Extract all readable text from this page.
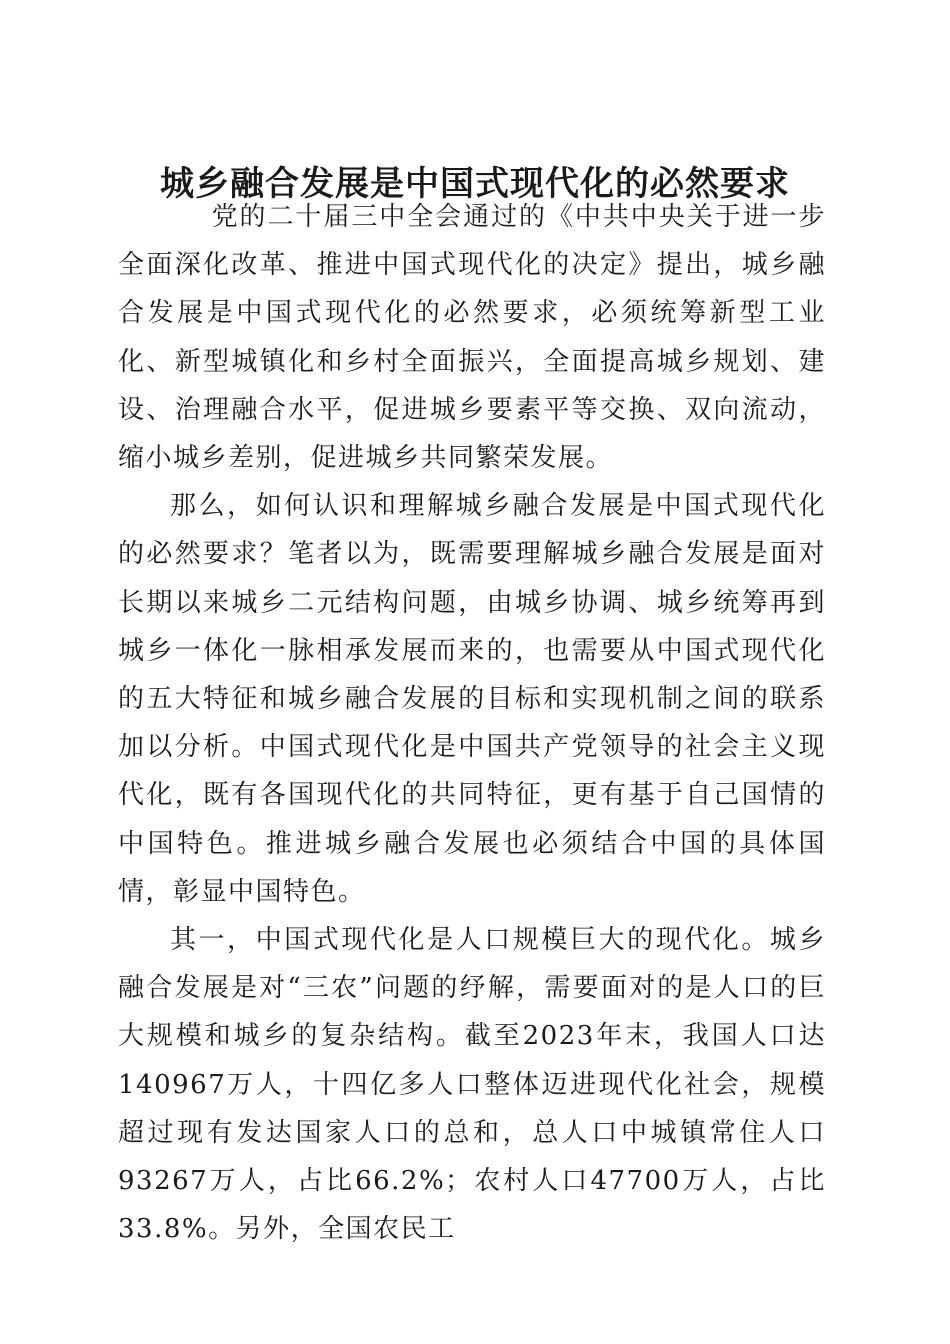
城乡融合发展是中国式现代化的必然要求

党的二十届三中全会通过的《中共中央关于进一步全面深化改革、推进中国式现代化的决定》提出，城乡融合发展是中国式现代化的必然要求，必须统筹新型工业化、新型城镇化和乡村全面振兴，全面提高城乡规划、建设、治理融合水平，促进城乡要素平等交换、双向流动，缩小城乡差别，促进城乡共同繁荣发展。

那么，如何认识和理解城乡融合发展是中国式现代化的必然要求？笔者以为，既需要理解城乡融合发展是面对长期以来城乡二元结构问题，由城乡协调、城乡统筹再到城乡一体化一脉相承发展而来的，也需要从中国式现代化的五大特征和城乡融合发展的目标和实现机制之间的联系加以分析。中国式现代化是中国共产党领导的社会主义现代化，既有各国现代化的共同特征，更有基于自己国情的中国特色。推进城乡融合发展也必须结合中国的具体国情，彰显中国特色。

其一，中国式现代化是人口规模巨大的现代化。城乡融合发展是对“三农”问题的纾解，需要面对的是人口的巨大规模和城乡的复杂结构。截至2023年末，我国人口达140967万人，十四亿多人口整体迈进现代化社会，规模超过现有发达国家人口的总和，总人口中城镇常住人口93267万人，占比66.2%；农村人口47700万人，占比33.8%。另外，全国农民工
